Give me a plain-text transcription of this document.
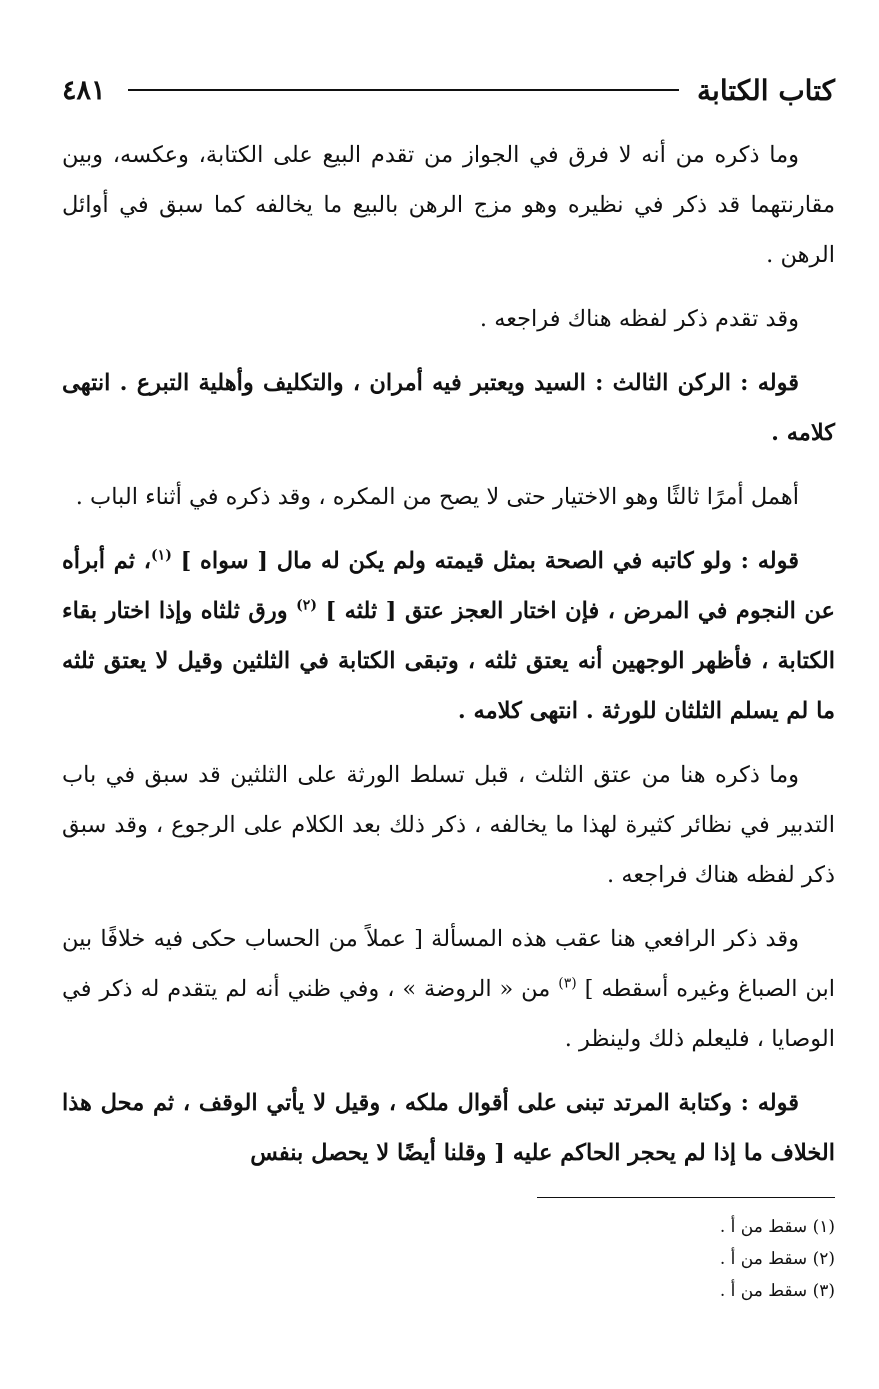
كتاب الكتابة
٤٨١

وما ذكره من أنه لا فرق في الجواز من تقدم البيع على الكتابة، وعكسه، وبين مقارنتهما قد ذكر في نظيره وهو مزج الرهن بالبيع ما يخالفه كما سبق في أوائل الرهن .

وقد تقدم ذكر لفظه هناك فراجعه .

قوله : الركن الثالث : السيد ويعتبر فيه أمران ، والتكليف وأهلية التبرع . انتهى كلامه .

أهمل أمرًا ثالثًا وهو الاختيار حتى لا يصح من المكره ، وقد ذكره في أثناء الباب .

قوله : ولو كاتبه في الصحة بمثل قيمته ولم يكن له مال [ سواه ] $^{(١)}$، ثم أبرأه عن النجوم في المرض ، فإن اختار العجز عتق [ ثلثه ] $^{(٢)}$ ورق ثلثاه وإذا اختار بقاء الكتابة ، فأظهر الوجهين أنه يعتق ثلثه ، وتبقى الكتابة في الثلثين وقيل لا يعتق ثلثه ما لم يسلم الثلثان للورثة . انتهى كلامه .

وما ذكره هنا من عتق الثلث ، قبل تسلط الورثة على الثلثين قد سبق في باب التدبير في نظائر كثيرة لهذا ما يخالفه ، ذكر ذلك بعد الكلام على الرجوع ، وقد سبق ذكر لفظه هناك فراجعه .

وقد ذكر الرافعي هنا عقب هذه المسألة [ عملاً من الحساب حكى فيه خلافًا بين ابن الصباغ وغيره أسقطه ] $^{(٣)}$ من « الروضة » ، وفي ظني أنه لم يتقدم له ذكر في الوصايا ، فليعلم ذلك ولينظر .

قوله : وكتابة المرتد تبنى على أقوال ملكه ، وقيل لا يأتي الوقف ، ثم محل هذا الخلاف ما إذا لم يحجر الحاكم عليه [ وقلنا أيضًا لا يحصل بنفس

(١) سقط من أ .

(٢) سقط من أ .

(٣) سقط من أ .
